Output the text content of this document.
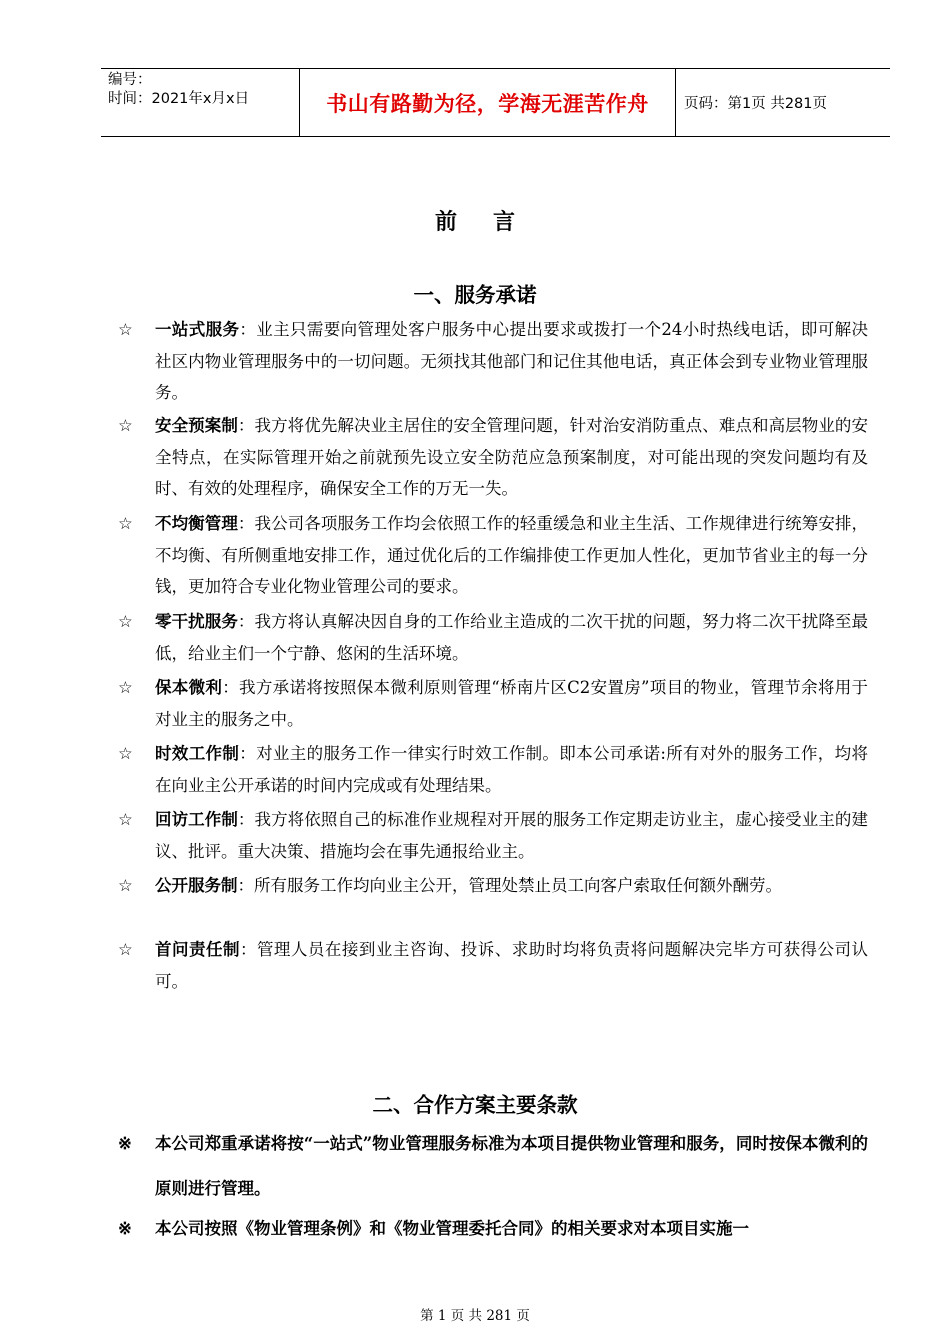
编号：
时间：2021年x月x日	书山有路勤为径，学海无涯苦作舟	页码：第1页 共281页
前言
一、服务承诺
☆ 一站式服务：业主只需要向管理处客户服务中心提出要求或拨打一个24小时热线电话，即可解决社区内物业管理服务中的一切问题。无须找其他部门和记住其他电话，真正体会到专业物业管理服务。
☆ 安全预案制：我方将优先解决业主居住的安全管理问题，针对治安消防重点、难点和高层物业的安全特点，在实际管理开始之前就预先设立安全防范应急预案制度，对可能出现的突发问题均有及时、有效的处理程序，确保安全工作的万无一失。
☆ 不均衡管理：我公司各项服务工作均会依照工作的轻重缓急和业主生活、工作规律进行统筹安排，不均衡、有所侧重地安排工作，通过优化后的工作编排使工作更加人性化，更加节省业主的每一分钱，更加符合专业化物业管理公司的要求。
☆ 零干扰服务：我方将认真解决因自身的工作给业主造成的二次干扰的问题，努力将二次干扰降至最低，给业主们一个宁静、悠闲的生活环境。
☆ 保本微利：我方承诺将按照保本微利原则管理“桥南片区C2安置房”项目的物业，管理节余将用于对业主的服务之中。
☆ 时效工作制：对业主的服务工作一律实行时效工作制。即本公司承诺:所有对外的服务工作，均将在向业主公开承诺的时间内完成或有处理结果。
☆ 回访工作制：我方将依照自己的标准作业规程对开展的服务工作定期走访业主，虚心接受业主的建议、批评。重大决策、措施均会在事先通报给业主。
☆ 公开服务制：所有服务工作均向业主公开，管理处禁止员工向客户索取任何额外酬劳。
☆ 首问责任制：管理人员在接到业主咨询、投诉、求助时均将负责将问题解决完毕方可获得公司认可。
二、合作方案主要条款
※ 本公司郑重承诺将按“一站式”物业管理服务标准为本项目提供物业管理和服务，同时按保本微利的原则进行管理。
※ 本公司按照《物业管理条例》和《物业管理委托合同》的相关要求对本项目实施一
第 1 页 共 281 页
